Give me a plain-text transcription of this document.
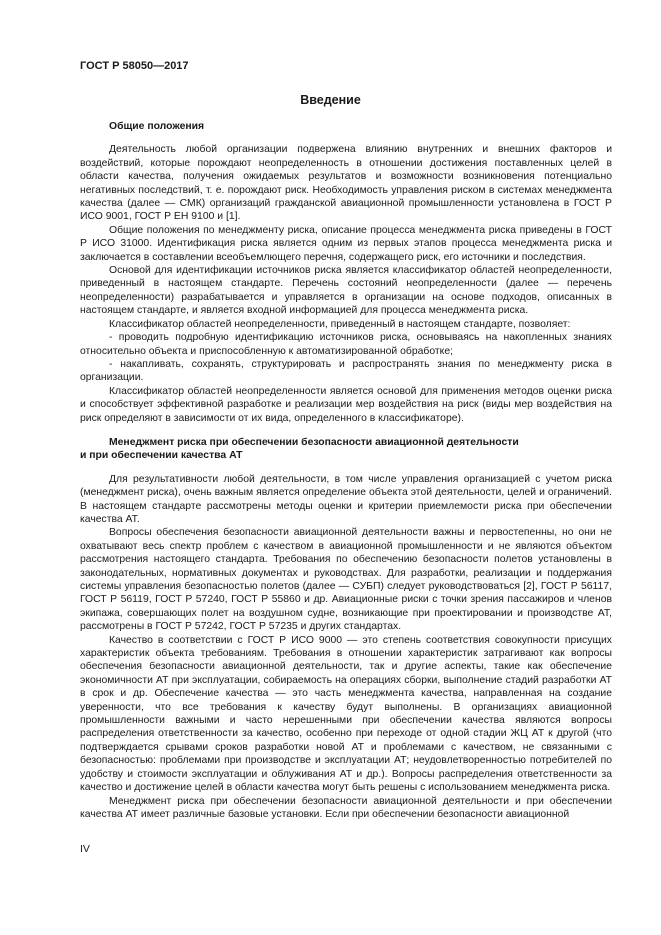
ГОСТ Р 58050—2017
Введение
Общие положения

Деятельность любой организации подвержена влиянию внутренних и внешних факторов и воздействий, которые порождают неопределенность в отношении достижения поставленных целей в области качества, получения ожидаемых результатов и возможности возникновения потенциально негативных последствий, т. е. порождают риск. Необходимость управления риском в системах менеджмента качества (далее — СМК) организаций гражданской авиационной промышленности установлена в ГОСТ Р ИСО 9001, ГОСТ Р ЕН 9100 и [1].

Общие положения по менеджменту риска, описание процесса менеджмента риска приведены в ГОСТ Р ИСО 31000. Идентификация риска является одним из первых этапов процесса менеджмента риска и заключается в составлении всеобъемлющего перечня, содержащего риск, его источники и последствия.

Основой для идентификации источников риска является классификатор областей неопределенности, приведенный в настоящем стандарте. Перечень состояний неопределенности (далее — перечень неопределенности) разрабатывается и управляется в организации на основе подходов, описанных в настоящем стандарте, и является входной информацией для процесса менеджмента риска.

Классификатор областей неопределенности, приведенный в настоящем стандарте, позволяет:

- проводить подробную идентификацию источников риска, основываясь на накопленных знаниях относительно объекта и приспособленную к автоматизированной обработке;

- накапливать, сохранять, структурировать и распространять знания по менеджменту риска в организации.

Классификатор областей неопределенности является основой для применения методов оценки риска и способствует эффективной разработке и реализации мер воздействия на риск (виды мер воздействия на риск определяют в зависимости от их вида, определенного в классификаторе).

Менеджмент риска при обеспечении безопасности авиационной деятельности
и при обеспечении качества АТ

Для результативности любой деятельности, в том числе управления организацией с учетом риска (менеджмент риска), очень важным является определение объекта этой деятельности, целей и ограничений. В настоящем стандарте рассмотрены методы оценки и критерии приемлемости риска при обеспечении качества АТ.

Вопросы обеспечения безопасности авиационной деятельности важны и первостепенны, но они не охватывают весь спектр проблем с качеством в авиационной промышленности и не являются объектом рассмотрения настоящего стандарта. Требования по обеспечению безопасности полетов установлены в законодательных, нормативных документах и руководствах. Для разработки, реализации и поддержания системы управления безопасностью полетов (далее — СУБП) следует руководствоваться [2], ГОСТ Р 56117, ГОСТ Р 56119, ГОСТ Р 57240, ГОСТ Р 55860 и др. Авиационные риски с точки зрения пассажиров и членов экипажа, совершающих полет на воздушном судне, возникающие при проектировании и производстве АТ, рассмотрены в ГОСТ Р 57242, ГОСТ Р 57235 и других стандартах.

Качество в соответствии с ГОСТ Р ИСО 9000 — это степень соответствия совокупности присущих характеристик объекта требованиям. Требования в отношении характеристик затрагивают как вопросы обеспечения безопасности авиационной деятельности, так и другие аспекты, такие как обеспечение экономичности АТ при эксплуатации, собираемость на операциях сборки, выполнение стадий разработки АТ в срок и др. Обеспечение качества — это часть менеджмента качества, направленная на создание уверенности, что все требования к качеству будут выполнены. В организациях авиационной промышленности важными и часто нерешенными при обеспечении качества являются вопросы распределения ответственности за качество, особенно при переходе от одной стадии ЖЦ АТ к другой (что подтверждается срывами сроков разработки новой АТ и проблемами с качеством, не связанными с безопасностью: проблемами при производстве и эксплуатации АТ; неудовлетворенностью потребителей по удобству и стоимости эксплуатации и облуживания АТ и др.). Вопросы распределения ответственности за качество и достижение целей в области качества могут быть решены с использованием менеджмента риска.

Менеджмент риска при обеспечении безопасности авиационной деятельности и при обеспечении качества АТ имеет различные базовые установки. Если при обеспечении безопасности авиационной

IV
